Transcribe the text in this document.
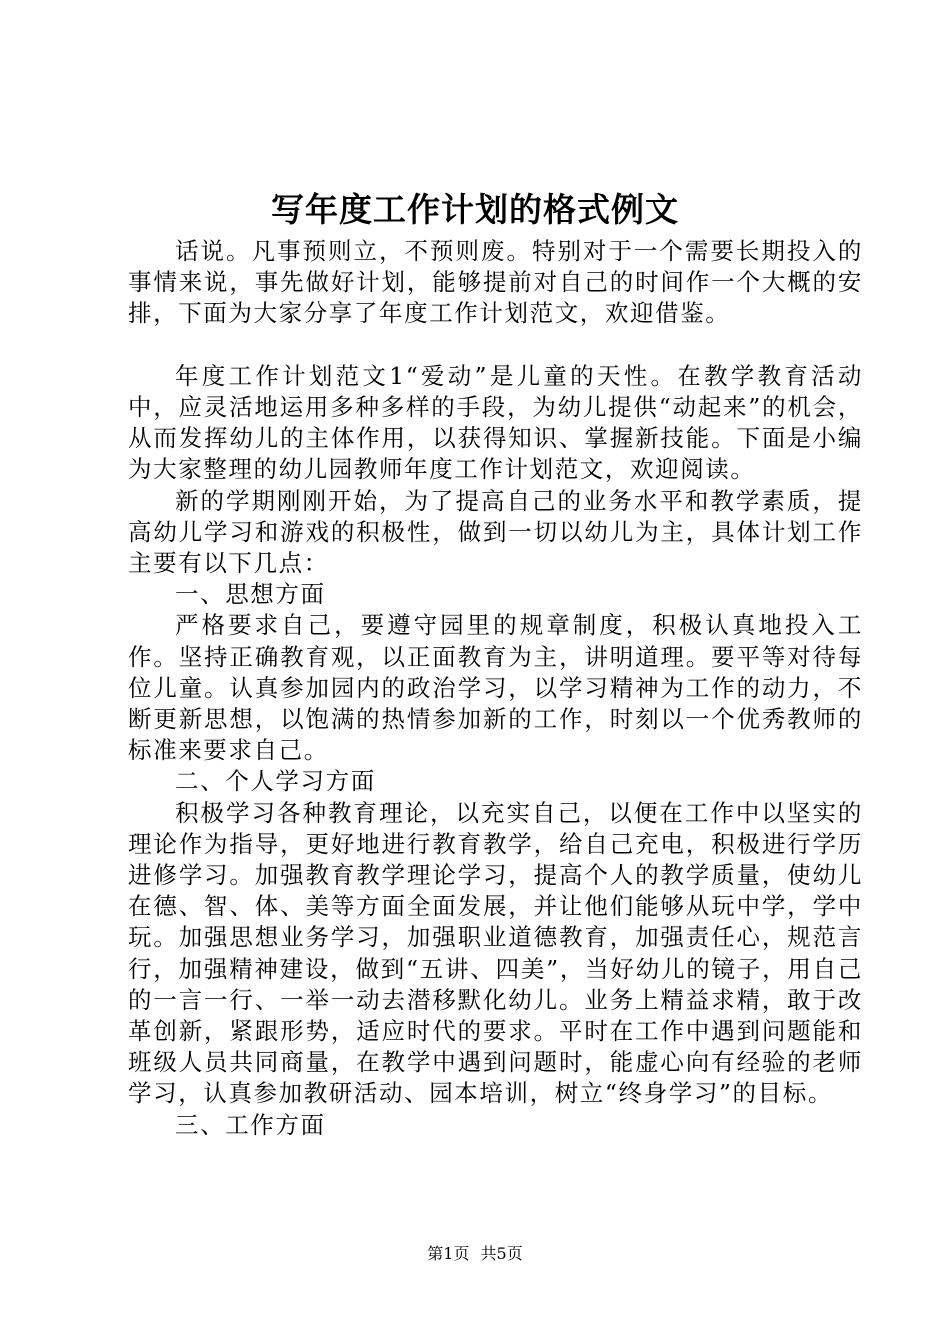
写年度工作计划的格式例文

话说。凡事预则立，不预则废。特别对于一个需要长期投入的事情来说，事先做好计划，能够提前对自己的时间作一个大概的安排，下面为大家分享了年度工作计划范文，欢迎借鉴。

年度工作计划范文1“爱动”是儿童的天性。在教学教育活动中，应灵活地运用多种多样的手段，为幼儿提供“动起来”的机会，从而发挥幼儿的主体作用，以获得知识、掌握新技能。下面是小编为大家整理的幼儿园教师年度工作计划范文，欢迎阅读。

新的学期刚刚开始，为了提高自己的业务水平和教学素质，提高幼儿学习和游戏的积极性，做到一切以幼儿为主，具体计划工作主要有以下几点：

一、思想方面

严格要求自己，要遵守园里的规章制度，积极认真地投入工作。坚持正确教育观，以正面教育为主，讲明道理。要平等对待每位儿童。认真参加园内的政治学习，以学习精神为工作的动力，不断更新思想，以饱满的热情参加新的工作，时刻以一个优秀教师的标准来要求自己。

二、个人学习方面

积极学习各种教育理论，以充实自己，以便在工作中以坚实的理论作为指导，更好地进行教育教学，给自己充电，积极进行学历进修学习。加强教育教学理论学习，提高个人的教学质量，使幼儿在德、智、体、美等方面全面发展，并让他们能够从玩中学，学中玩。加强思想业务学习，加强职业道德教育，加强责任心，规范言行，加强精神建设，做到“五讲、四美”，当好幼儿的镜子，用自己的一言一行、一举一动去潜移默化幼儿。业务上精益求精，敢于改革创新，紧跟形势，适应时代的要求。平时在工作中遇到问题能和班级人员共同商量，在教学中遇到问题时，能虚心向有经验的老师学习，认真参加教研活动、园本培训，树立“终身学习”的目标。

三、工作方面

第1页 共5页
